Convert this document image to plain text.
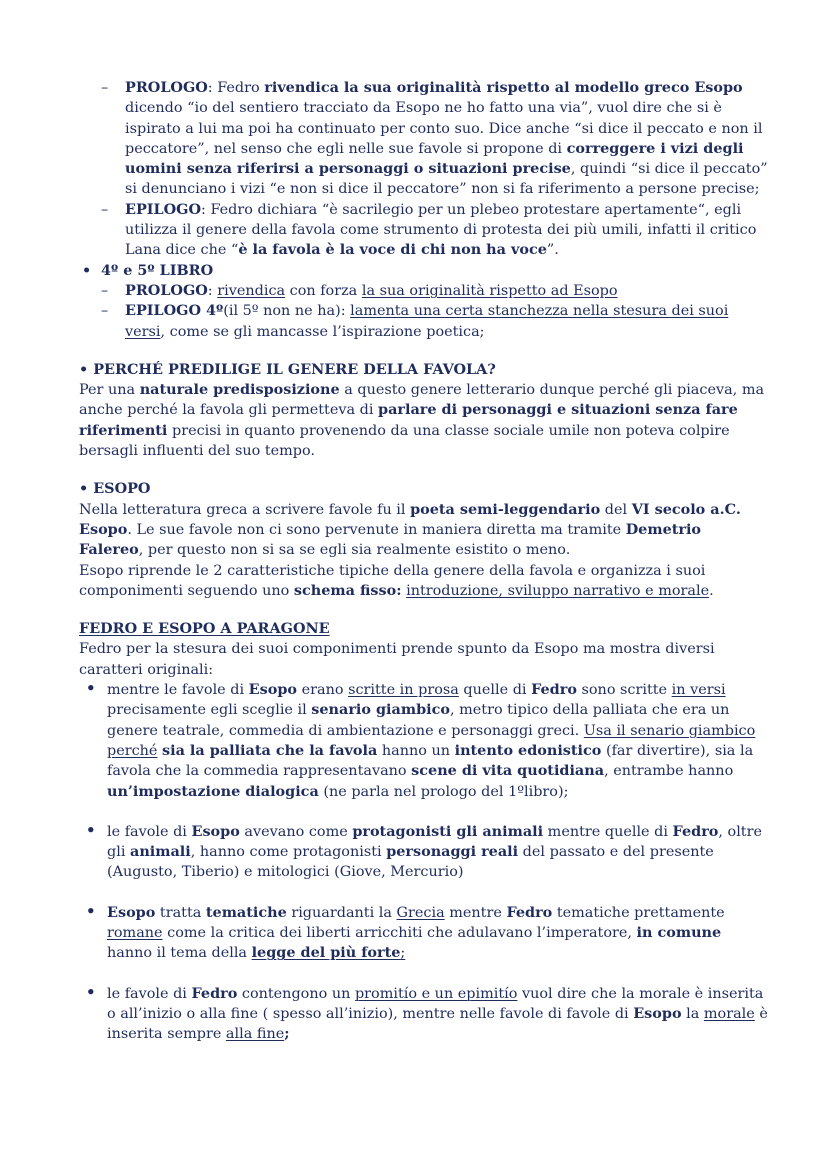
– PROLOGO: Fedro rivendica la sua originalità rispetto al modello greco Esopo dicendo “io del sentiero tracciato da Esopo ne ho fatto una via”, vuol dire che si è ispirato a lui ma poi ha continuato per conto suo. Dice anche “si dice il peccato e non il peccatore”, nel senso che egli nelle sue favole si propone di correggere i vizi degli uomini senza riferirsi a personaggi o situazioni precise, quindi “si dice il peccato” si denunciano i vizi “e non si dice il peccatore” non si fa riferimento a persone precise;
– EPILOGO: Fedro dichiara “è sacrilegio per un plebeo protestare apertamente“, egli utilizza il genere della favola come strumento di protesta dei più umili, infatti il critico Lana dice che “è la favola è la voce di chi non ha voce”.
• 4º e 5º LIBRO
– PROLOGO: rivendica con forza la sua originalità rispetto ad Esopo
– EPILOGO 4º(il 5º non ne ha): lamenta una certa stanchezza nella stesura dei suoi versi, come se gli mancasse l’ispirazione poetica;
• PERCHÉ PREDILIGE IL GENERE DELLA FAVOLA?

Per una naturale predisposizione a questo genere letterario dunque perché gli piaceva, ma anche perché la favola gli permetteva di parlare di personaggi e situazioni senza fare riferimenti precisi in quanto provenendo da una classe sociale umile non poteva colpire bersagli influenti del suo tempo.

• ESOPO

Nella letteratura greca a scrivere favole fu il poeta semi-leggendario del VI secolo a.C. Esopo. Le sue favole non ci sono pervenute in maniera diretta ma tramite Demetrio Falereo, per questo non si sa se egli sia realmente esistito o meno.

Esopo riprende le 2 caratteristiche tipiche della genere della favola e organizza i suoi componimenti seguendo uno schema fisso: introduzione, sviluppo narrativo e morale.

FEDRO E ESOPO A PARAGONE

Fedro per la stesura dei suoi componimenti prende spunto da Esopo ma mostra diversi caratteri originali:

• mentre le favole di Esopo erano scritte in prosa quelle di Fedro sono scritte in versi precisamente egli sceglie il senario giambico, metro tipico della palliata che era un genere teatrale, commedia di ambientazione e personaggi greci. Usa il senario giambico perché sia la palliata che la favola hanno un intento edonistico (far divertire), sia la favola che la commedia rappresentavano scene di vita quotidiana, entrambe hanno un’impostazione dialogica (ne parla nel prologo del 1ºlibro);
• le favole di Esopo avevano come protagonisti gli animali mentre quelle di Fedro, oltre gli animali, hanno come protagonisti personaggi reali del passato e del presente (Augusto, Tiberio) e mitologici (Giove, Mercurio)
• Esopo tratta tematiche riguardanti la Grecia mentre Fedro tematiche prettamente romane come la critica dei liberti arricchiti che adulavano l’imperatore, in comune hanno il tema della legge del più forte;
• le favole di Fedro contengono un promitío e un epimitío vuol dire che la morale è inserita o all’inizio o alla fine ( spesso all’inizio), mentre nelle favole di favole di Esopo la morale è inserita sempre alla fine;
